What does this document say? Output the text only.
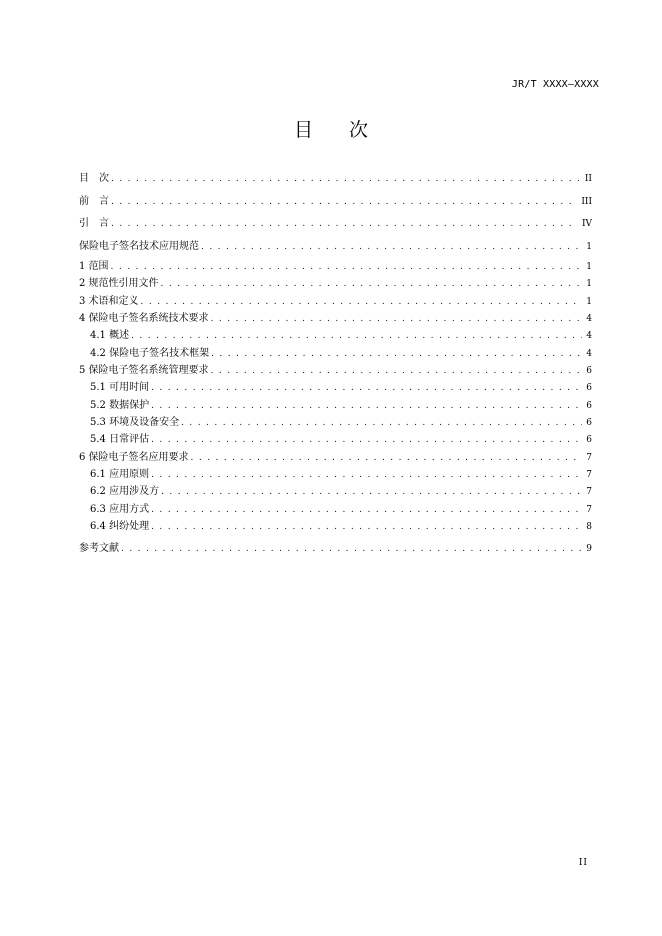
JR/T XXXX—XXXX
目次
目　次 . . .	II
前　言 . . .	III
引　言 . . .	IV
保险电子签名技术应用规范 . . .	1
1 范围 . . .	1
2 规范性引用文件 . . .	1
3 术语和定义 . . .	1
4 保险电子签名系统技术要求 . . .	4
4.1 概述 . . .	4
4.2 保险电子签名技术框架 . . .	4
5 保险电子签名系统管理要求 . . .	6
5.1 可用时间 . . .	6
5.2 数据保护 . . .	6
5.3 环境及设备安全 . . .	6
5.4 日常评估 . . .	6
6 保险电子签名应用要求 . . .	7
6.1 应用原则 . . .	7
6.2 应用涉及方 . . .	7
6.3 应用方式 . . .	7
6.4 纠纷处理 . . .	8
参考文献 . . .	9
II
